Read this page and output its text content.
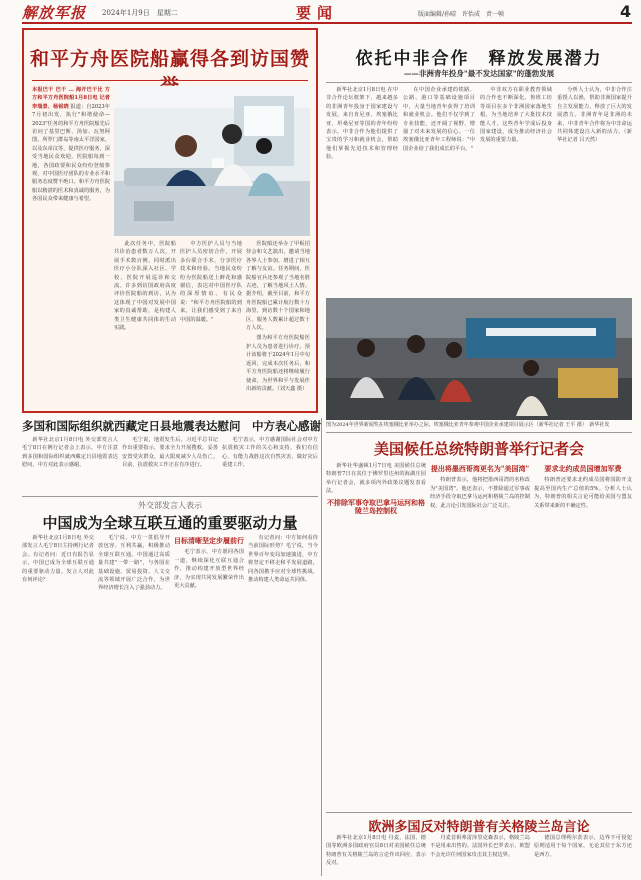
解放军报 2024年1月9日　星期二	要闻	版面编辑/孙晴　许怡成　责一帧	4
和平方舟医院船赢得各到访国赞
本报巴干 巴干 ... 海开巴干比 方方和平方舟医院船1月8日电 记者李瑞景、杨铭晓 报道：自2023年7月初出发，执行"和谐使命—2023"任务的和平方舟医院船先后访问了基里巴斯、汤加、瓦努阿图、所罗门群岛等南太平洋国家，以及东帝汶等，提供医疗服务，深受当地民众欢迎。医院船每到一地，各国政要和民众纷纷登船参观，对中国医疗团队的专业水平和服务态度赞不绝口。和平方舟医院船以精湛的医术和真诚的服务，为各国民众带来健康与希望。

此次任务中，医院船共诊治患者数万人次，开展手术数百例，同时派出医疗小分队深入社区、学校、医院开展巡诊和交流。许多到访国政府高度评价医院船的到访，认为这体现了中国对发展中国家的真诚帮助，是构建人类卫生健康共同体的生动实践。

中方医护人员与当地医护人员密切合作，开展多台联合手术，分享医疗技术和经验。当地民众纷纷为医院船送上鲜花和感谢信，表达对中国医疗队的深厚情谊。有民众说："和平方舟医院船的到来，让我们感受到了来自中国的温暖。"

医院船还举办了甲板招待会和文艺演出，邀请当地各界人士参加，增进了相互了解与友谊。任务期间，医院船官兵还参观了当地名胜古迹，了解当地风土人情。据介绍，截至目前，和平方舟医院船已累计航行数十万海里，到访数十个国家和地区，服务人数累计超过数十万人次。

图为和平方舟医院船医护人员为患者进行诊疗。预计该船将于2024年1月中旬返回，完成本次任务后，和平方舟医院船还将继续履行使命，为世界和平与发展作出新的贡献。（刘天鑫 摄）

依托中非合作　释放发展潜力
——非洲青年投身"最不发达国家"的蓬勃发展

新华社北京1月8日电 在中非合作论坛框架下，越来越多的非洲青年投身于国家建设与发展。来自肯尼亚、埃塞俄比亚、坦桑尼亚等国的青年纷纷表示，中非合作为他们提供了宝贵的学习和就业机会，帮助他们掌握先进技术和管理经验。

在中国企业承建的铁路、公路、港口等基础设施项目中，大量当地青年获得了培训和就业机会。他们不仅学到了专业技能，还开阔了视野，增强了对未来发展的信心。一位埃塞俄比亚青年工程师说："中国企业给了我们成长的平台。"

中非双方在职业教育领域的合作也不断深化。鲁班工坊等项目在多个非洲国家落地生根，为当地培养了大批技术技能人才。这些青年学成后投身国家建设，成为推动经济社会发展的重要力量。

分析人士认为，中非合作注重授人以渔，帮助非洲国家提升自主发展能力，释放了巨大的发展潜力。非洲青年是非洲的未来，中非青年合作将为中非命运共同体建设注入新的活力。（新华社记者 吕天然）

图为2024年世界新闻奖在埃塞俄比亚举办之际，埃塞俄比亚青年参观中国企业承建项目展示区（新华社记者 王平 摄）　新华社发
多国和国际组织就西藏定日县地震表达慰问　中方表心感谢

新华社北京1月8日电 外交部发言人毛宁8日在例行记者会上表示，中方注意到多国和国际组织就西藏定日县地震表达慰问，中方对此表示感谢。

毛宁说，地震发生后，习近平总书记作出重要指示，要求全力开展搜救，妥善安置受灾群众，最大限度减少人员伤亡。目前，抗震救灾工作正在有序进行。

毛宁表示，中方感谢国际社会对中方抗震救灾工作的关心和支持，我们有信心、有能力战胜这次自然灾害，做好灾后重建工作。

外交部发言人表示
中国成为全球互联互通的重要驱动力量

新华社北京1月8日电 外交部发言人毛宁8日主持例行记者会。有记者问：近日有报告显示，中国已成为全球互联互通的重要驱动力量。发言人对此有何评论？

毛宁说，中方一贯倡导开放包容、互利共赢，积极推动全球互联互通。中国通过高质量共建"一带一路"，与各国在基础设施、贸易投资、人文交流等领域开展广泛合作，为世界经济增长注入了强劲动力。

目标清晰坚定步履前行

毛宁表示，中方愿同各国一道，继续深化互联互通合作，推动构建开放型世界经济，为实现共同发展繁荣作出更大贡献。

有记者问：中方如何看待当前国际形势？毛宁说，当今世界百年变局加速演进，中方将坚定不移走和平发展道路，同各国携手应对全球性挑战，推动构建人类命运共同体。

美国候任总统特朗普举行记者会

新华社华盛顿1月7日电 美国候任总统特朗普7日在其位于佛罗里达州的海湖庄园举行记者会，就多项内外政策议题发表看法。

不排除军事夺取巴拿马运河和格陵兰岛控制权
提出将墨西哥湾更名为"美国湾"

特朗普表示，他将把墨西哥湾的名称改为"美国湾"。他还表示，不排除通过军事或经济手段夺取巴拿马运河和格陵兰岛的控制权，此言论引发国际社会广泛关注。

要求北约成员国增加军费

特朗普还要求北约成员国将国防开支提高至国内生产总值的5%。分析人士认为，特朗普的相关言论可能给美国与盟友关系带来新的不确定性。

欧洲多国反对特朗普有关格陵兰岛言论

新华社北京1月8日电 丹麦、法国、德国等欧洲多国政府官员8日对美国候任总统特朗普有关格陵兰岛的言论作出回应，表示反对。

丹麦首相弗雷泽里克森表示，格陵兰岛不是用来出售的。法国外长巴罗表示，欧盟不会允许任何国家攻击其主权边界。

德国总理朔尔茨表示，边界不可侵犯原则适用于每个国家，无论其位于东方还是西方。
